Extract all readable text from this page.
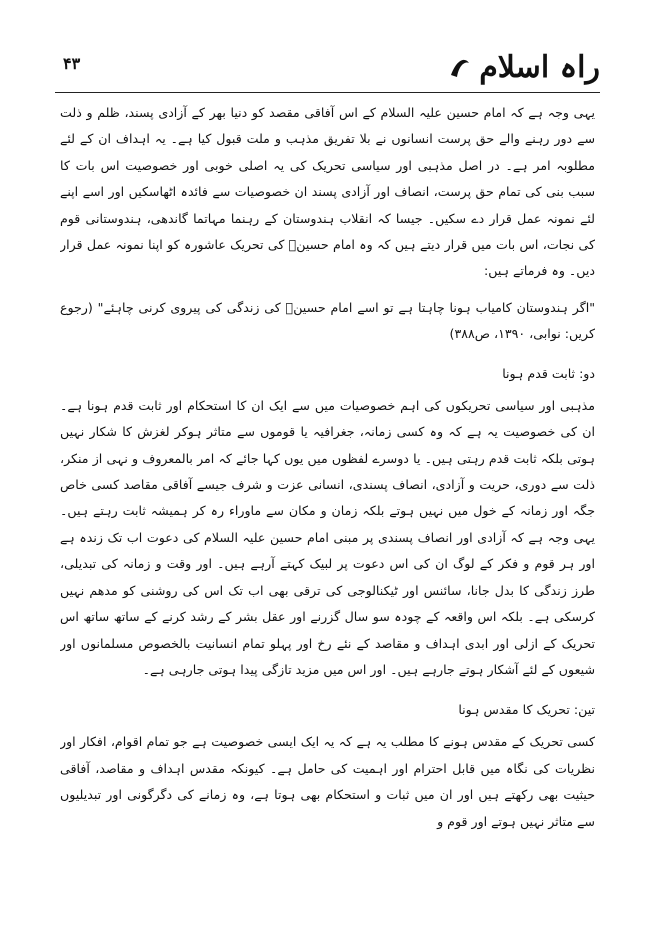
۴۳	راہ اسلام

یہی وجہ ہے کہ امام حسین علیہ السلام کے اس آفاقی مقصد کو دنیا بھر کے آزادی پسند، ظلم و ذلت سے دور رہنے والے حق پرست انسانوں نے بلا تفریق مذہب و ملت قبول کیا ہے۔ یہ اہداف ان کے لئے مطلوبہ امر ہے۔ در اصل مذہبی اور سیاسی تحریک کی یہ اصلی خوبی اور خصوصیت اس بات کا سبب بنی کی تمام حق پرست، انصاف اور آزادی پسند ان خصوصیات سے فائدہ اٹھاسکیں اور اسے اپنے لئے نمونہ عمل قرار دے سکیں۔ جیسا کہ انقلاب ہندوستان کے رہنما مہاتما گاندھی، ہندوستانی قوم کی نجات، اس بات میں قرار دیتے ہیں کہ وہ امام حسینؑ کی تحریک عاشورہ کو اپنا نمونہ عمل قرار دیں۔ وہ فرماتے ہیں:

"اگر ہندوستان کامیاب ہونا چاہتا ہے تو اسے امام حسینؑ کی زندگی کی پیروی کرنی چاہئے" (رجوع کریں: نوابی، ۱۳۹۰، ص۳۸۸)

دو: ثابت قدم ہونا

مذہبی اور سیاسی تحریکوں کی اہم خصوصیات میں سے ایک ان کا استحکام اور ثابت قدم ہونا ہے۔ ان کی خصوصیت یہ ہے کہ وہ کسی زمانہ، جغرافیہ یا قوموں سے متاثر ہوکر لغزش کا شکار نہیں ہوتی بلکہ ثابت قدم رہتی ہیں۔ یا دوسرے لفظوں میں یوں کہا جائے کہ امر بالمعروف و نہی از منکر، ذلت سے دوری، حریت و آزادی، انصاف پسندی، انسانی عزت و شرف جیسے آفاقی مقاصد کسی خاص جگہ اور زمانہ کے خول میں نہیں ہوتے بلکہ زمان و مکان سے ماوراء رہ کر ہمیشہ ثابت رہتے ہیں۔ یہی وجہ ہے کہ آزادی اور انصاف پسندی پر مبنی امام حسین علیہ السلام کی دعوت اب تک زندہ ہے اور ہر قوم و فکر کے لوگ ان کی اس دعوت پر لبیک کہتے آرہے ہیں۔ اور وقت و زمانہ کی تبدیلی، طرز زندگی کا بدل جانا، سائنس اور ٹیکنالوجی کی ترقی بھی اب تک اس کی روشنی کو مدھم نہیں کرسکی ہے۔ بلکہ اس واقعہ کے چودہ سو سال گزرنے اور عقل بشر کے رشد کرنے کے ساتھ ساتھ اس تحریک کے ازلی اور ابدی اہداف و مقاصد کے نئے رخ اور پہلو تمام انسانیت بالخصوص مسلمانوں اور شیعوں کے لئے آشکار ہوتے جارہے ہیں۔ اور اس میں مزید تازگی پیدا ہوتی جارہی ہے۔

تین: تحریک کا مقدس ہونا

کسی تحریک کے مقدس ہونے کا مطلب یہ ہے کہ یہ ایک ایسی خصوصیت ہے جو تمام اقوام، افکار اور نظریات کی نگاہ میں قابل احترام اور اہمیت کی حامل ہے۔ کیونکہ مقدس اہداف و مقاصد، آفاقی حیثیت بھی رکھتے ہیں اور ان میں ثبات و استحکام بھی ہوتا ہے، وہ زمانے کی دگرگونی اور تبدیلیوں سے متاثر نہیں ہوتے اور قوم و
